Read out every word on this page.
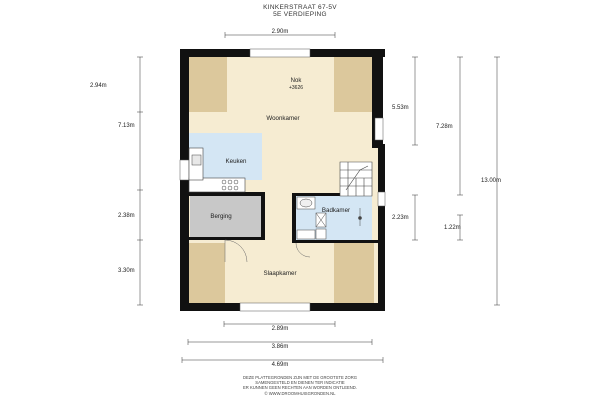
KINKERSTRAAT 67-5V
5E VERDIEPING
Nok
+3626
Woonkamer
Keuken
Berging
Badkamer
Slaapkamer
2.90m
2.94m
7.13m
2.38m
3.30m
5.53m
7.28m
13.00m
2.23m
1.22m
2.89m
3.86m
4.69m
DEZE PLATTEGRONDEN ZIJN MET DE GROOTSTE ZORG
SAMENGESTELD EN DIENEN TER INDICATIE
ER KUNNEN GEEN RECHTEN AAN WORDEN ONTLEEND.
© WWW.DROOMHUISGRONDEN.NL
